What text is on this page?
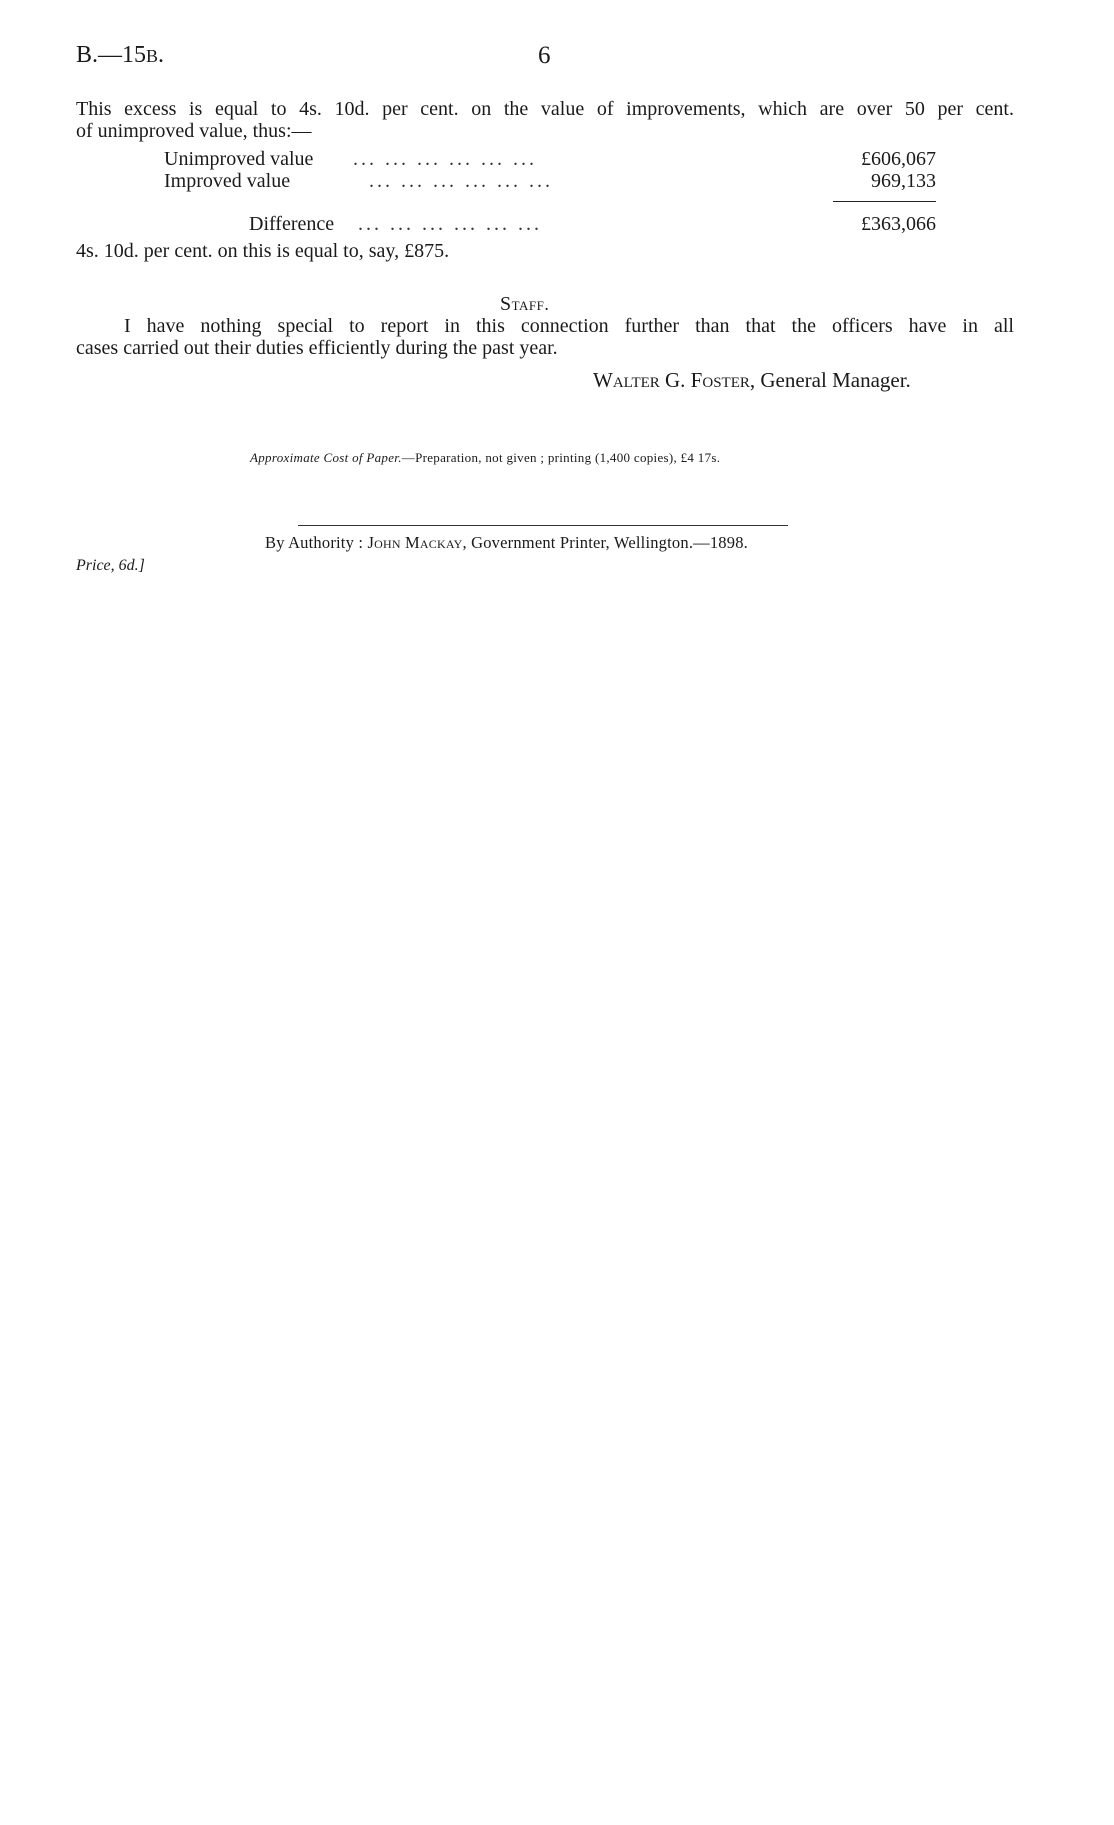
B.—15B.	6
This excess is equal to 4s. 10d. per cent. on the value of improvements, which are over 50 per cent.
of unimproved value, thus:—
Unimproved value ... ... ... ... ... ...	£606,067
Improved value	... ... ... ... ... ...	969,133
Difference ... ... ... ... ... ...	£363,066
4s. 10d. per cent. on this is equal to, say, £875.
Staff.
I have nothing special to report in this connection further than that the officers have in all
cases carried out their duties efficiently during the past year.
Walter G. Foster, General Manager.
Approximate Cost of Paper.—Preparation, not given ; printing (1,400 copies), £4 17s.
By Authority : John Mackay, Government Printer, Wellington.—1898.
Price, 6d.]
